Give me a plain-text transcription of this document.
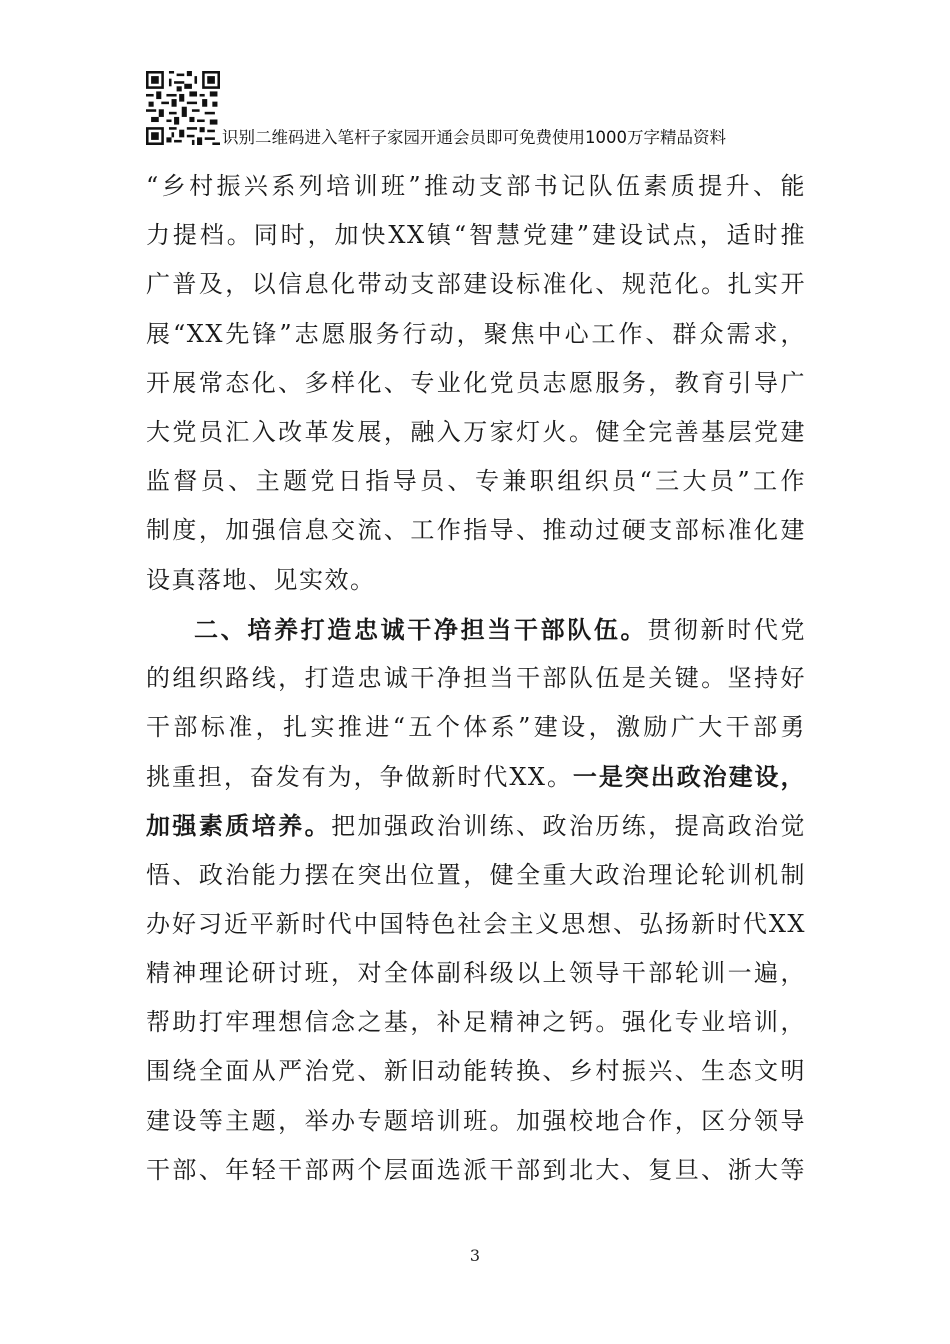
识别二维码进入笔杆子家园开通会员即可免费使用1000万字精品资料

“乡村振兴系列培训班”推动支部书记队伍素质提升、能
力提档。同时，加快XX镇“智慧党建”建设试点，适时推
广普及，以信息化带动支部建设标准化、规范化。扎实开
展“XX先锋”志愿服务行动，聚焦中心工作、群众需求，
开展常态化、多样化、专业化党员志愿服务，教育引导广
大党员汇入改革发展，融入万家灯火。健全完善基层党建
监督员、主题党日指导员、专兼职组织员“三大员”工作
制度，加强信息交流、工作指导、推动过硬支部标准化建
设真落地、见实效。

二、培养打造忠诚干净担当干部队伍。贯彻新时代党
的组织路线，打造忠诚干净担当干部队伍是关键。坚持好
干部标准，扎实推进“五个体系”建设，激励广大干部勇
挑重担，奋发有为，争做新时代XX。一是突出政治建设，
加强素质培养。把加强政治训练、政治历练，提高政治觉
悟、政治能力摆在突出位置，健全重大政治理论轮训机制
办好习近平新时代中国特色社会主义思想、弘扬新时代XX
精神理论研讨班，对全体副科级以上领导干部轮训一遍，
帮助打牢理想信念之基，补足精神之钙。强化专业培训，
围绕全面从严治党、新旧动能转换、乡村振兴、生态文明
建设等主题，举办专题培训班。加强校地合作，区分领导
干部、年轻干部两个层面选派干部到北大、复旦、浙大等

3
